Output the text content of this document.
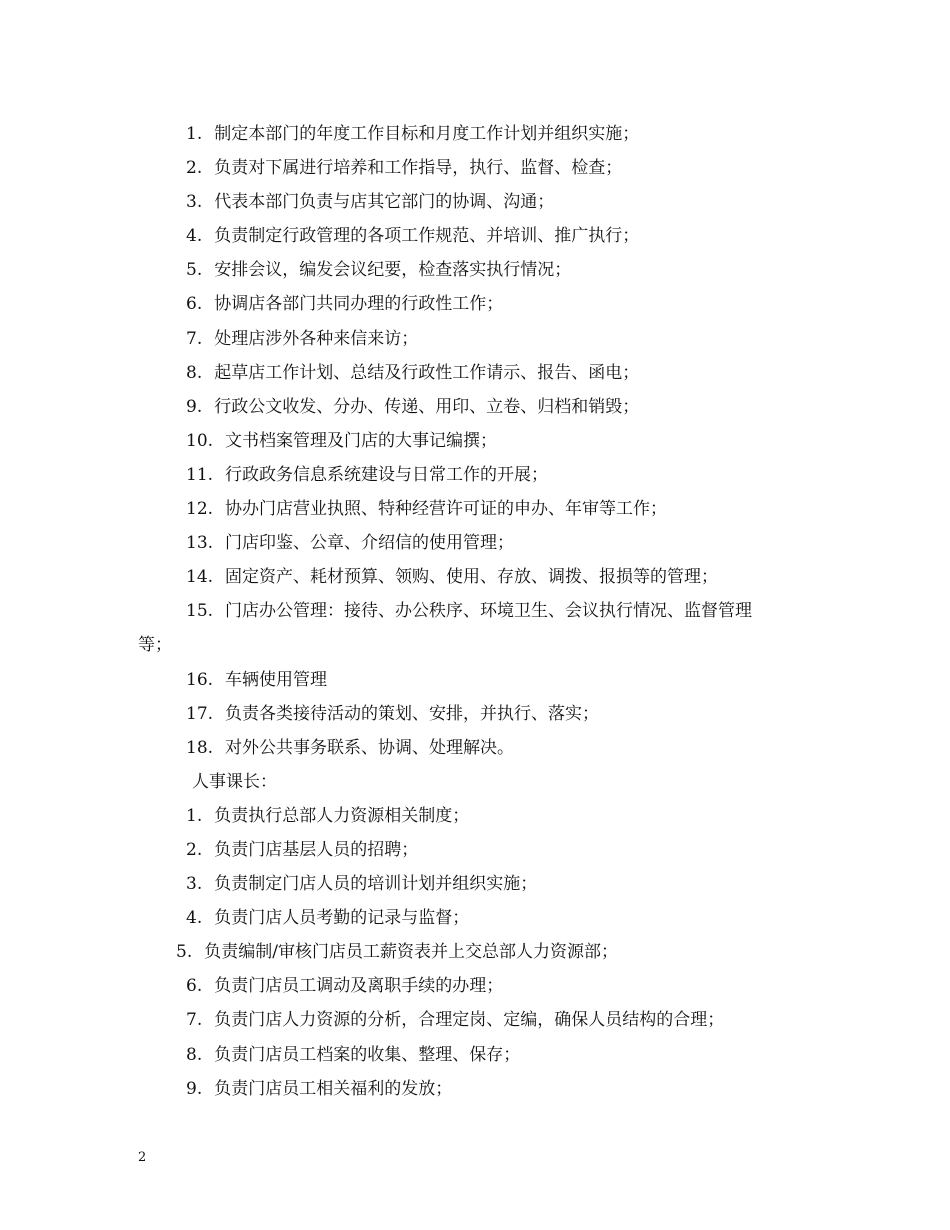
1. 制定本部门的年度工作目标和月度工作计划并组织实施；
2. 负责对下属进行培养和工作指导，执行、监督、检查；
3. 代表本部门负责与店其它部门的协调、沟通；
4. 负责制定行政管理的各项工作规范、并培训、推广执行；
5. 安排会议，编发会议纪要，检查落实执行情况；
6. 协调店各部门共同办理的行政性工作；
7. 处理店涉外各种来信来访；
8. 起草店工作计划、总结及行政性工作请示、报告、函电；
9. 行政公文收发、分办、传递、用印、立卷、归档和销毁；
10. 文书档案管理及门店的大事记编撰；
11. 行政政务信息系统建设与日常工作的开展；
12. 协办门店营业执照、特种经营许可证的申办、年审等工作；
13. 门店印鉴、公章、介绍信的使用管理；
14. 固定资产、耗材预算、领购、使用、存放、调拨、报损等的管理；
15. 门店办公管理：接待、办公秩序、环境卫生、会议执行情况、监督管理
等；
16. 车辆使用管理
17. 负责各类接待活动的策划、安排，并执行、落实；
18. 对外公共事务联系、协调、处理解决。
人事课长：
1. 负责执行总部人力资源相关制度；
2. 负责门店基层人员的招聘；
3. 负责制定门店人员的培训计划并组织实施；
4. 负责门店人员考勤的记录与监督；
5. 负责编制/审核门店员工薪资表并上交总部人力资源部；
6. 负责门店员工调动及离职手续的办理；
7. 负责门店人力资源的分析，合理定岗、定编，确保人员结构的合理；
8. 负责门店员工档案的收集、整理、保存；
9. 负责门店员工相关福利的发放；
2
